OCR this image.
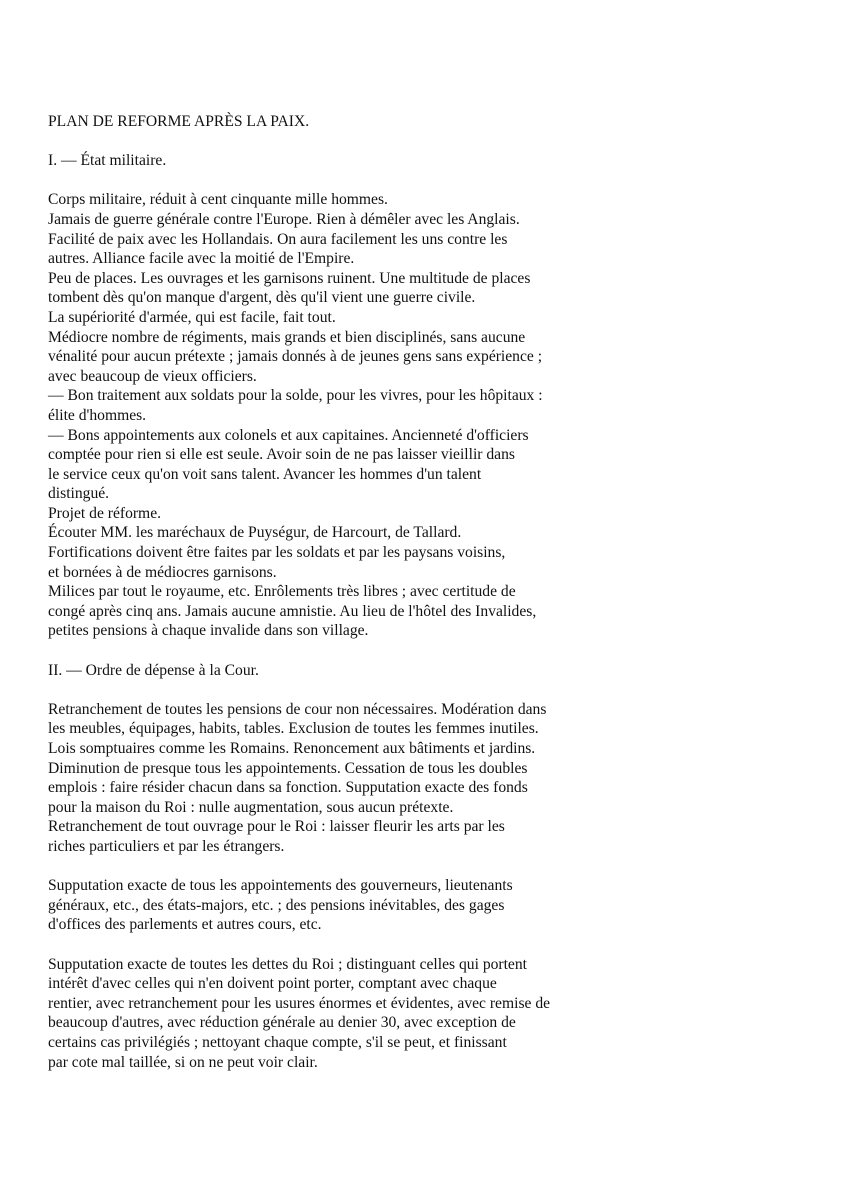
PLAN DE REFORME APRÈS LA PAIX.
I. — État militaire.
Corps militaire, réduit à cent cinquante mille hommes.
Jamais de guerre générale contre l'Europe. Rien à démêler avec les Anglais.
Facilité de paix avec les Hollandais. On aura facilement les uns contre les
autres. Alliance facile avec la moitié de l'Empire.
Peu de places. Les ouvrages et les garnisons ruinent. Une multitude de places
tombent dès qu'on manque d'argent, dès qu'il vient une guerre civile.
La supériorité d'armée, qui est facile, fait tout.
Médiocre nombre de régiments, mais grands et bien disciplinés, sans aucune
vénalité pour aucun prétexte ; jamais donnés à de jeunes gens sans expérience ;
avec beaucoup de vieux officiers.
— Bon traitement aux soldats pour la solde, pour les vivres, pour les hôpitaux :
élite d'hommes.
— Bons appointements aux colonels et aux capitaines. Ancienneté d'officiers
comptée pour rien si elle est seule. Avoir soin de ne pas laisser vieillir dans
le service ceux qu'on voit sans talent. Avancer les hommes d'un talent
distingué.
Projet de réforme.
Écouter MM. les maréchaux de Puységur, de Harcourt, de Tallard.
Fortifications doivent être faites par les soldats et par les paysans voisins,
et bornées à de médiocres garnisons.
Milices par tout le royaume, etc. Enrôlements très libres ; avec certitude de
congé après cinq ans. Jamais aucune amnistie. Au lieu de l'hôtel des Invalides,
petites pensions à chaque invalide dans son village.
II. — Ordre de dépense à la Cour.
Retranchement de toutes les pensions de cour non nécessaires. Modération dans
les meubles, équipages, habits, tables. Exclusion de toutes les femmes inutiles.
Lois somptuaires comme les Romains. Renoncement aux bâtiments et jardins.
Diminution de presque tous les appointements. Cessation de tous les doubles
emplois : faire résider chacun dans sa fonction. Supputation exacte des fonds
pour la maison du Roi : nulle augmentation, sous aucun prétexte.
Retranchement de tout ouvrage pour le Roi : laisser fleurir les arts par les
riches particuliers et par les étrangers.
Supputation exacte de tous les appointements des gouverneurs, lieutenants
généraux, etc., des états-majors, etc. ; des pensions inévitables, des gages
d'offices des parlements et autres cours, etc.
Supputation exacte de toutes les dettes du Roi ; distinguant celles qui portent
intérêt d'avec celles qui n'en doivent point porter, comptant avec chaque
rentier, avec retranchement pour les usures énormes et évidentes, avec remise de
beaucoup d'autres, avec réduction générale au denier 30, avec exception de
certains cas privilégiés ; nettoyant chaque compte, s'il se peut, et finissant
par cote mal taillée, si on ne peut voir clair.
